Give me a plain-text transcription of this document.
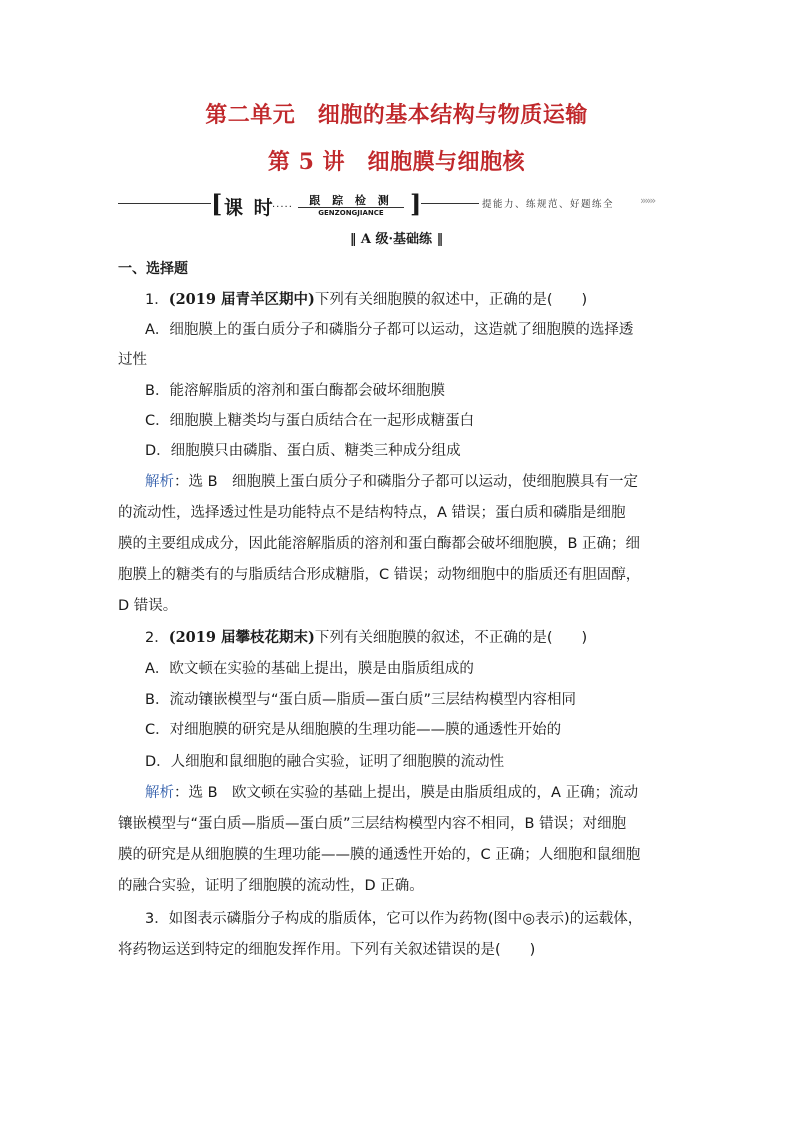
第二单元　细胞的基本结构与物质运输
第 5 讲　细胞膜与细胞核
[ 课 时
·····
跟 踪 检 测
GENZONGJIANCE	]	提能力、练规范、好题练全 »»»
‖ A 级·基础练 ‖
一、选择题
1．(2019 届青羊区期中)下列有关细胞膜的叙述中，正确的是(　　)
A．细胞膜上的蛋白质分子和磷脂分子都可以运动，这造就了细胞膜的选择透
过性
B．能溶解脂质的溶剂和蛋白酶都会破坏细胞膜
C．细胞膜上糖类均与蛋白质结合在一起形成糖蛋白
D．细胞膜只由磷脂、蛋白质、糖类三种成分组成
解析：选 B　细胞膜上蛋白质分子和磷脂分子都可以运动，使细胞膜具有一定
的流动性，选择透过性是功能特点不是结构特点，A 错误；蛋白质和磷脂是细胞
膜的主要组成成分，因此能溶解脂质的溶剂和蛋白酶都会破坏细胞膜，B 正确；细
胞膜上的糖类有的与脂质结合形成糖脂，C 错误；动物细胞中的脂质还有胆固醇，
D 错误。
2．(2019 届攀枝花期末)下列有关细胞膜的叙述，不正确的是(　　)
A．欧文顿在实验的基础上提出，膜是由脂质组成的
B．流动镶嵌模型与“蛋白质—脂质—蛋白质”三层结构模型内容相同
C．对细胞膜的研究是从细胞膜的生理功能——膜的通透性开始的
D．人细胞和鼠细胞的融合实验，证明了细胞膜的流动性
解析：选 B　欧文顿在实验的基础上提出，膜是由脂质组成的，A 正确；流动
镶嵌模型与“蛋白质—脂质—蛋白质”三层结构模型内容不相同，B 错误；对细胞
膜的研究是从细胞膜的生理功能——膜的通透性开始的，C 正确；人细胞和鼠细胞
的融合实验，证明了细胞膜的流动性，D 正确。
3．如图表示磷脂分子构成的脂质体，它可以作为药物(图中◎表示)的运载体，
将药物运送到特定的细胞发挥作用。下列有关叙述错误的是(　　)
